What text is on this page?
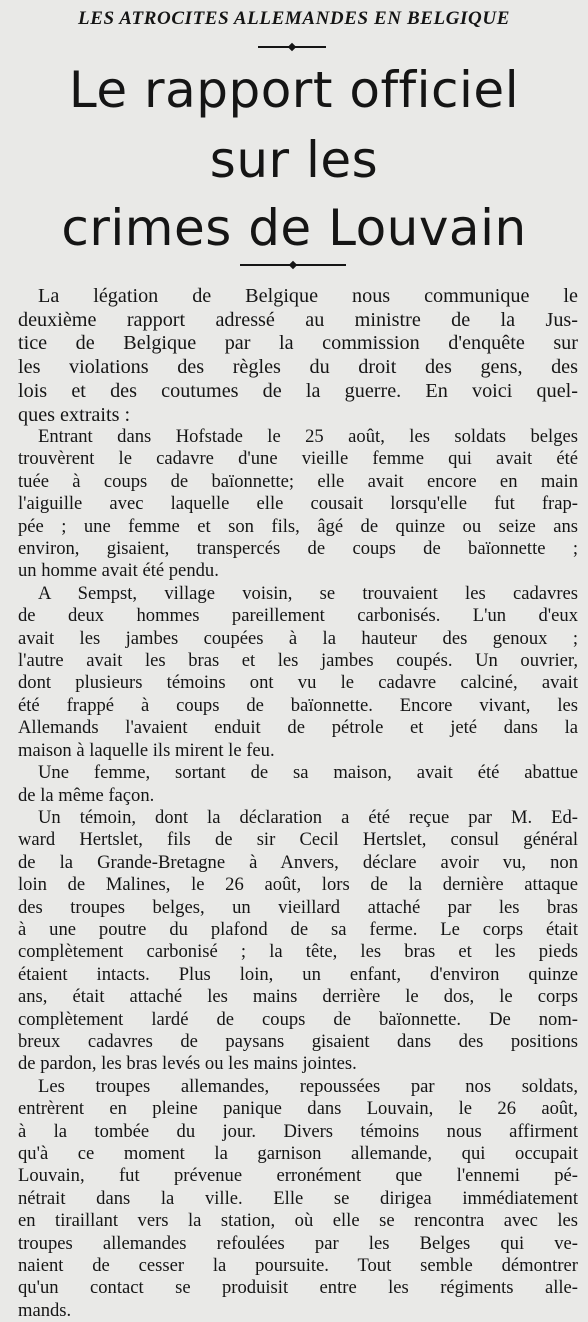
LES ATROCITES ALLEMANDES EN BELGIQUE
Le rapport officiel
sur les
crimes de Louvain
La légation de Belgique nous communique le
deuxième rapport adressé au ministre de la Jus-
tice de Belgique par la commission d'enquête sur
les violations des règles du droit des gens, des
lois et des coutumes de la guerre. En voici quel-
ques extraits :
Entrant dans Hofstade le 25 août, les soldats belges
trouvèrent le cadavre d'une vieille femme qui avait été
tuée à coups de baïonnette; elle avait encore en main
l'aiguille avec laquelle elle cousait lorsqu'elle fut frap-
pée ; une femme et son fils, âgé de quinze ou seize ans
environ, gisaient, transpercés de coups de baïonnette ;
un homme avait été pendu.
A Sempst, village voisin, se trouvaient les cadavres
de deux hommes pareillement carbonisés. L'un d'eux
avait les jambes coupées à la hauteur des genoux ;
l'autre avait les bras et les jambes coupés. Un ouvrier,
dont plusieurs témoins ont vu le cadavre calciné, avait
été frappé à coups de baïonnette. Encore vivant, les
Allemands l'avaient enduit de pétrole et jeté dans la
maison à laquelle ils mirent le feu.
Une femme, sortant de sa maison, avait été abattue
de la même façon.
Un témoin, dont la déclaration a été reçue par M. Ed-
ward Hertslet, fils de sir Cecil Hertslet, consul général
de la Grande-Bretagne à Anvers, déclare avoir vu, non
loin de Malines, le 26 août, lors de la dernière attaque
des troupes belges, un vieillard attaché par les bras
à une poutre du plafond de sa ferme. Le corps était
complètement carbonisé ; la tête, les bras et les pieds
étaient intacts. Plus loin, un enfant, d'environ quinze
ans, était attaché les mains derrière le dos, le corps
complètement lardé de coups de baïonnette. De nom-
breux cadavres de paysans gisaient dans des positions
de pardon, les bras levés ou les mains jointes.
Les troupes allemandes, repoussées par nos soldats,
entrèrent en pleine panique dans Louvain, le 26 août,
à la tombée du jour. Divers témoins nous affirment
qu'à ce moment la garnison allemande, qui occupait
Louvain, fut prévenue erronément que l'ennemi pé-
nétrait dans la ville. Elle se dirigea immédiatement
en tiraillant vers la station, où elle se rencontra avec les
troupes allemandes refoulées par les Belges qui ve-
naient de cesser la poursuite. Tout semble démontrer
qu'un contact se produisit entre les régiments alle-
mands.
